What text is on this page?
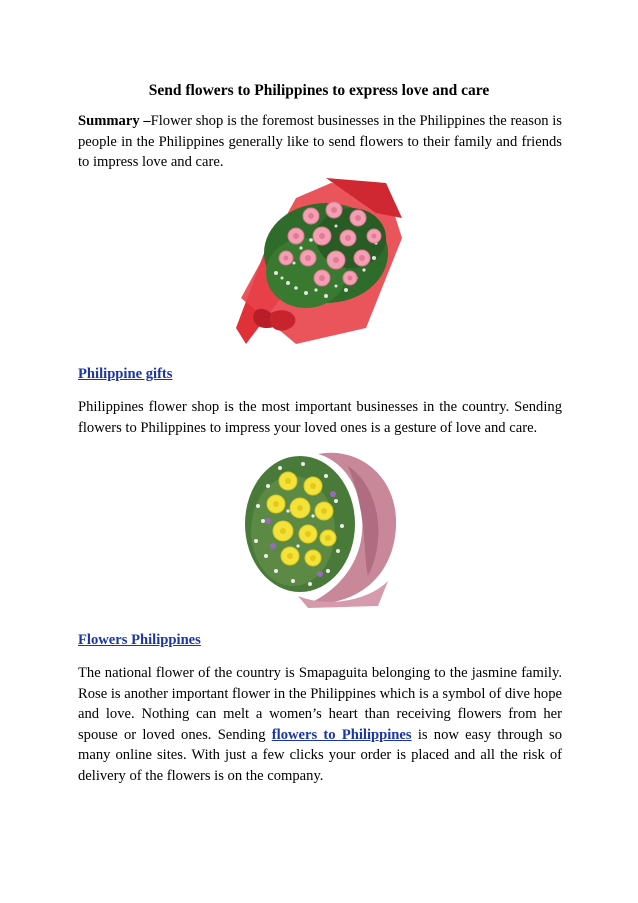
Send flowers to Philippines to express love and care

Summary –Flower shop is the foremost businesses in the Philippines the reason is people in the Philippines generally like to send flowers to their family and friends to impress love and care.

Philippine gifts

Philippines flower shop is the most important businesses in the country. Sending flowers to Philippines to impress your loved ones is a gesture of love and care.

Flowers Philippines

The national flower of the country is Smapaguita belonging to the jasmine family. Rose is another important flower in the Philippines which is a symbol of dive hope and love. Nothing can melt a women’s heart than receiving flowers from her spouse or loved ones. Sending flowers to Philippines is now easy through so many online sites. With just a few clicks your order is placed and all the risk of delivery of the flowers is on the company.
